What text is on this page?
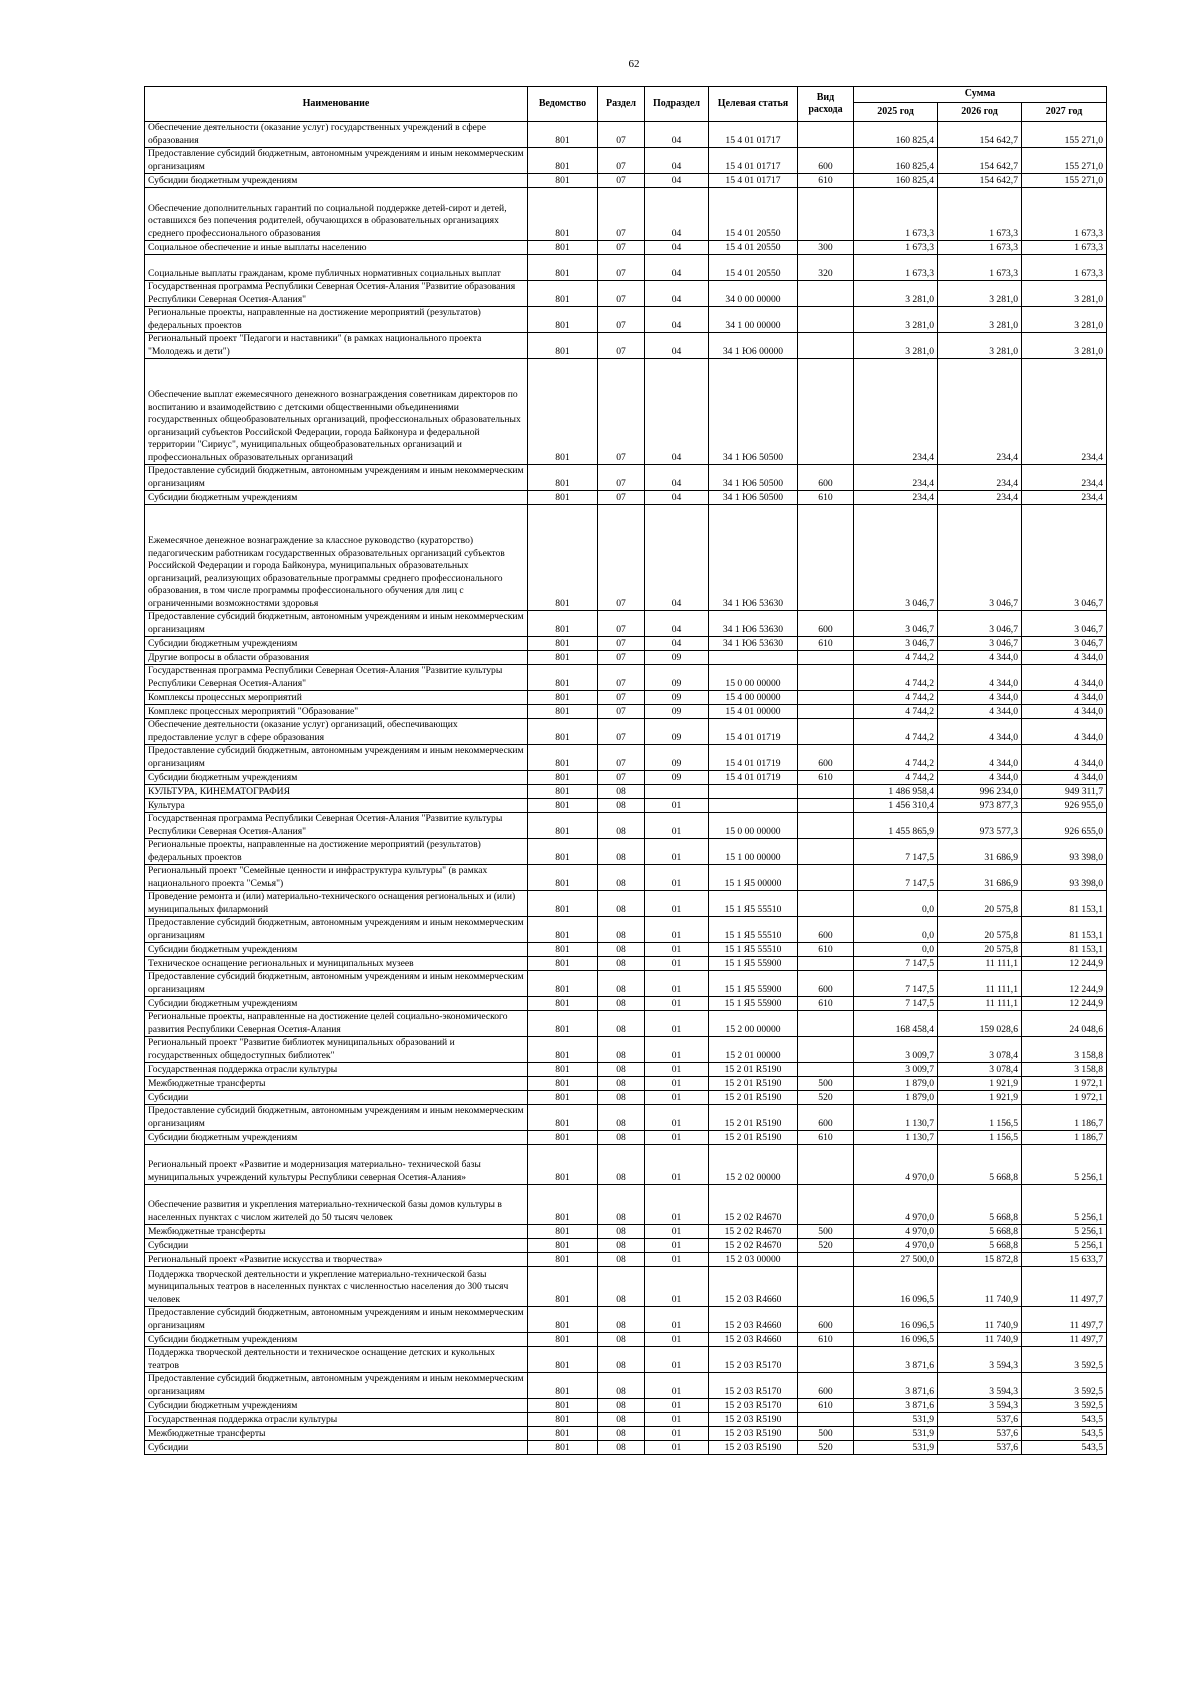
62
Наименование	Ведомство	Раздел	Подраздел	Целевая статья	Вид расхода	Сумма		
						2025 год	2026 год	2027 год
Обеспечение деятельности (оказание услуг) государственных учреждений в сфере образования	801	07	04	15 4 01 01717		160 825,4	154 642,7	155 271,0
Предоставление субсидий бюджетным, автономным учреждениям и иным некоммерческим организациям	801	07	04	15 4 01 01717	600	160 825,4	154 642,7	155 271,0
Субсидии бюджетным учреждениям	801	07	04	15 4 01 01717	610	160 825,4	154 642,7	155 271,0
Обеспечение дополнительных гарантий по социальной поддержке детей-сирот и детей, оставшихся без попечения родителей, обучающихся в образовательных организациях среднего профессионального образования	801	07	04	15 4 01 20550		1 673,3	1 673,3	1 673,3
Социальное обеспечение и иные выплаты населению	801	07	04	15 4 01 20550	300	1 673,3	1 673,3	1 673,3
Социальные выплаты гражданам, кроме публичных нормативных социальных выплат	801	07	04	15 4 01 20550	320	1 673,3	1 673,3	1 673,3
Государственная программа Республики Северная Осетия-Алания "Развитие образования Республики Северная Осетия-Алания"	801	07	04	34 0 00 00000		3 281,0	3 281,0	3 281,0
Региональные проекты, направленные на достижение мероприятий (результатов) федеральных проектов	801	07	04	34 1 00 00000		3 281,0	3 281,0	3 281,0
Региональный проект "Педагоги и наставники" (в рамках национального проекта "Молодежь и дети")	801	07	04	34 1 Ю6 00000		3 281,0	3 281,0	3 281,0
Обеспечение выплат ежемесячного денежного вознаграждения советникам директоров по воспитанию и взаимодействию с детскими общественными объединениями государственных общеобразовательных организаций, профессиональных образовательных организаций субъектов Российской Федерации, города Байконура и федеральной территории "Сириус", муниципальных общеобразовательных организаций и профессиональных образовательных организаций	801	07	04	34 1 Ю6 50500		234,4	234,4	234,4
Предоставление субсидий бюджетным, автономным учреждениям и иным некоммерческим организациям	801	07	04	34 1 Ю6 50500	600	234,4	234,4	234,4
Субсидии бюджетным учреждениям	801	07	04	34 1 Ю6 50500	610	234,4	234,4	234,4
Ежемесячное денежное вознаграждение за классное руководство (кураторство) педагогическим работникам государственных образовательных организаций субъектов Российской Федерации и города Байконура, муниципальных образовательных организаций, реализующих образовательные программы среднего профессионального образования, в том числе программы профессионального обучения для лиц с ограниченными возможностями здоровья	801	07	04	34 1 Ю6 53630		3 046,7	3 046,7	3 046,7
Предоставление субсидий бюджетным, автономным учреждениям и иным некоммерческим организациям	801	07	04	34 1 Ю6 53630	600	3 046,7	3 046,7	3 046,7
Субсидии бюджетным учреждениям	801	07	04	34 1 Ю6 53630	610	3 046,7	3 046,7	3 046,7
Другие вопросы в области образования	801	07	09			4 744,2	4 344,0	4 344,0
Государственная программа Республики Северная Осетия-Алания "Развитие культуры Республики Северная Осетия-Алания"	801	07	09	15 0 00 00000		4 744,2	4 344,0	4 344,0
Комплексы процессных мероприятий	801	07	09	15 4 00 00000		4 744,2	4 344,0	4 344,0
Комплекс процессных мероприятий "Образование"	801	07	09	15 4 01 00000		4 744,2	4 344,0	4 344,0
Обеспечение деятельности (оказание услуг) организаций, обеспечивающих предоставление услуг в сфере образования	801	07	09	15 4 01 01719		4 744,2	4 344,0	4 344,0
Предоставление субсидий бюджетным, автономным учреждениям и иным некоммерческим организациям	801	07	09	15 4 01 01719	600	4 744,2	4 344,0	4 344,0
Субсидии бюджетным учреждениям	801	07	09	15 4 01 01719	610	4 744,2	4 344,0	4 344,0
КУЛЬТУРА, КИНЕМАТОГРАФИЯ	801	08				1 486 958,4	996 234,0	949 311,7
Культура	801	08	01			1 456 310,4	973 877,3	926 955,0
Государственная программа Республики Северная Осетия-Алания "Развитие культуры Республики Северная Осетия-Алания"	801	08	01	15 0 00 00000		1 455 865,9	973 577,3	926 655,0
Региональные проекты, направленные на достижение мероприятий (результатов) федеральных проектов	801	08	01	15 1 00 00000		7 147,5	31 686,9	93 398,0
Региональный проект "Семейные ценности и инфраструктура культуры" (в рамках национального проекта "Семья")	801	08	01	15 1 Я5 00000		7 147,5	31 686,9	93 398,0
Проведение ремонта и (или) материально-технического оснащения региональных и (или) муниципальных филармоний	801	08	01	15 1 Я5 55510		0,0	20 575,8	81 153,1
Предоставление субсидий бюджетным, автономным учреждениям и иным некоммерческим организациям	801	08	01	15 1 Я5 55510	600	0,0	20 575,8	81 153,1
Субсидии бюджетным учреждениям	801	08	01	15 1 Я5 55510	610	0,0	20 575,8	81 153,1
Техническое оснащение региональных и муниципальных музеев	801	08	01	15 1 Я5 55900		7 147,5	11 111,1	12 244,9
Предоставление субсидий бюджетным, автономным учреждениям и иным некоммерческим организациям	801	08	01	15 1 Я5 55900	600	7 147,5	11 111,1	12 244,9
Субсидии бюджетным учреждениям	801	08	01	15 1 Я5 55900	610	7 147,5	11 111,1	12 244,9
Региональные проекты, направленные на достижение целей социально-экономического развития Республики Северная Осетия-Алания	801	08	01	15 2 00 00000		168 458,4	159 028,6	24 048,6
Региональный проект "Развитие библиотек муниципальных образований и государственных общедоступных библиотек"	801	08	01	15 2 01 00000		3 009,7	3 078,4	3 158,8
Государственная поддержка отрасли культуры	801	08	01	15 2 01 R5190		3 009,7	3 078,4	3 158,8
Межбюджетные трансферты	801	08	01	15 2 01 R5190	500	1 879,0	1 921,9	1 972,1
Субсидии	801	08	01	15 2 01 R5190	520	1 879,0	1 921,9	1 972,1
Предоставление субсидий бюджетным, автономным учреждениям и иным некоммерческим организациям	801	08	01	15 2 01 R5190	600	1 130,7	1 156,5	1 186,7
Субсидии бюджетным учреждениям	801	08	01	15 2 01 R5190	610	1 130,7	1 156,5	1 186,7
Региональный проект «Развитие и модернизация материально- технической базы муниципальных учреждений культуры Республики северная Осетия-Алания»	801	08	01	15 2 02 00000		4 970,0	5 668,8	5 256,1
Обеспечение развития и укрепления материально-технической базы домов культуры в населенных пунктах с числом жителей до 50 тысяч человек	801	08	01	15 2 02 R4670		4 970,0	5 668,8	5 256,1
Межбюджетные трансферты	801	08	01	15 2 02 R4670	500	4 970,0	5 668,8	5 256,1
Субсидии	801	08	01	15 2 02 R4670	520	4 970,0	5 668,8	5 256,1
Региональный проект «Развитие искусства и творчества»	801	08	01	15 2 03 00000		27 500,0	15 872,8	15 633,7
Поддержка творческой деятельности и укрепление материально-технической базы муниципальных театров в населенных пунктах с численностью населения до 300 тысяч человек	801	08	01	15 2 03 R4660		16 096,5	11 740,9	11 497,7
Предоставление субсидий бюджетным, автономным учреждениям и иным некоммерческим организациям	801	08	01	15 2 03 R4660	600	16 096,5	11 740,9	11 497,7
Субсидии бюджетным учреждениям	801	08	01	15 2 03 R4660	610	16 096,5	11 740,9	11 497,7
Поддержка творческой деятельности и техническое оснащение детских и кукольных театров	801	08	01	15 2 03 R5170		3 871,6	3 594,3	3 592,5
Предоставление субсидий бюджетным, автономным учреждениям и иным некоммерческим организациям	801	08	01	15 2 03 R5170	600	3 871,6	3 594,3	3 592,5
Субсидии бюджетным учреждениям	801	08	01	15 2 03 R5170	610	3 871,6	3 594,3	3 592,5
Государственная поддержка отрасли культуры	801	08	01	15 2 03 R5190		531,9	537,6	543,5
Межбюджетные трансферты	801	08	01	15 2 03 R5190	500	531,9	537,6	543,5
Субсидии	801	08	01	15 2 03 R5190	520	531,9	537,6	543,5
